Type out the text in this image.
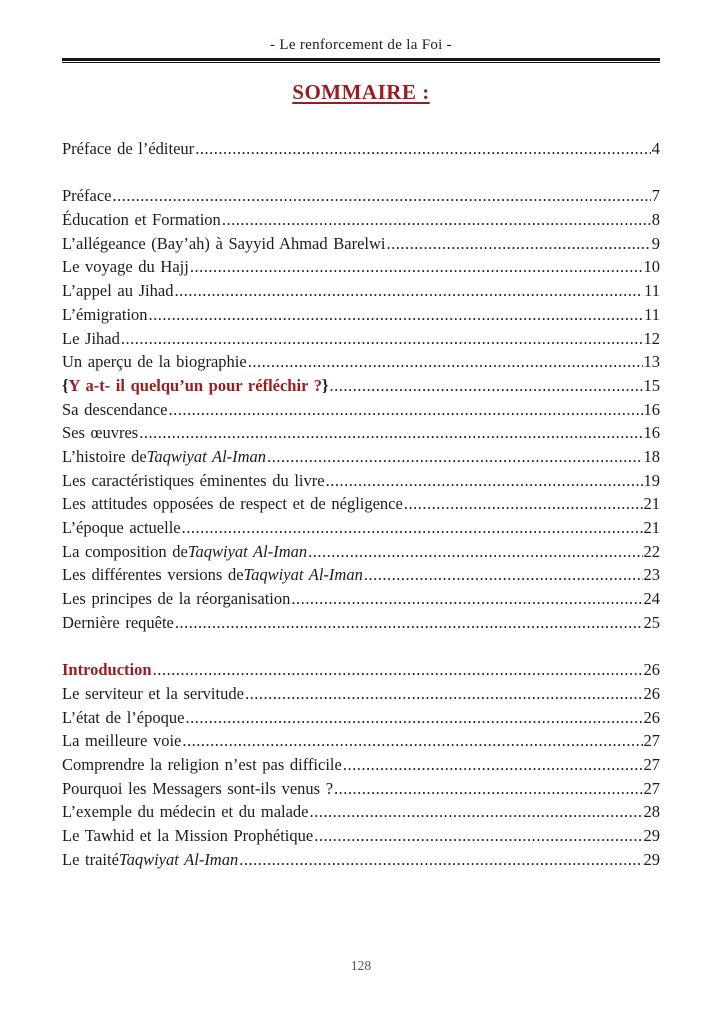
- Le renforcement de la Foi -
SOMMAIRE :
Préface de l’éditeur .....	4
Préface .....	7
Éducation et Formation .....	8
L’allégeance (Bay’ah) à Sayyid Ahmad Barelwi .....	9
Le voyage du Hajj .....	10
L’appel au Jihad .....	11
L’émigration .....	11
Le Jihad .....	12
Un aperçu de la biographie .....	13
{ Y a-t- il quelqu’un pour réfléchir ? } .....	15
Sa descendance .....	16
Ses œuvres .....	16
L’histoire de Taqwiyat Al-Iman .....	18
Les caractéristiques éminentes du livre .....	19
Les attitudes opposées de respect et de négligence .....	21
L’époque actuelle .....	21
La composition de Taqwiyat Al-Iman .....	22
Les différentes versions de Taqwiyat Al-Iman .....	23
Les principes de la réorganisation .....	24
Dernière requête .....	25
Introduction .....	26
Le serviteur et la servitude .....	26
L’état de l’époque .....	26
La meilleure voie .....	27
Comprendre la religion n’est pas difficile .....	27
Pourquoi les Messagers sont-ils venus ? .....	27
L’exemple du médecin et du malade .....	28
Le Tawhid et la Mission Prophétique .....	29
Le traité Taqwiyat Al-Iman .....	29
128
